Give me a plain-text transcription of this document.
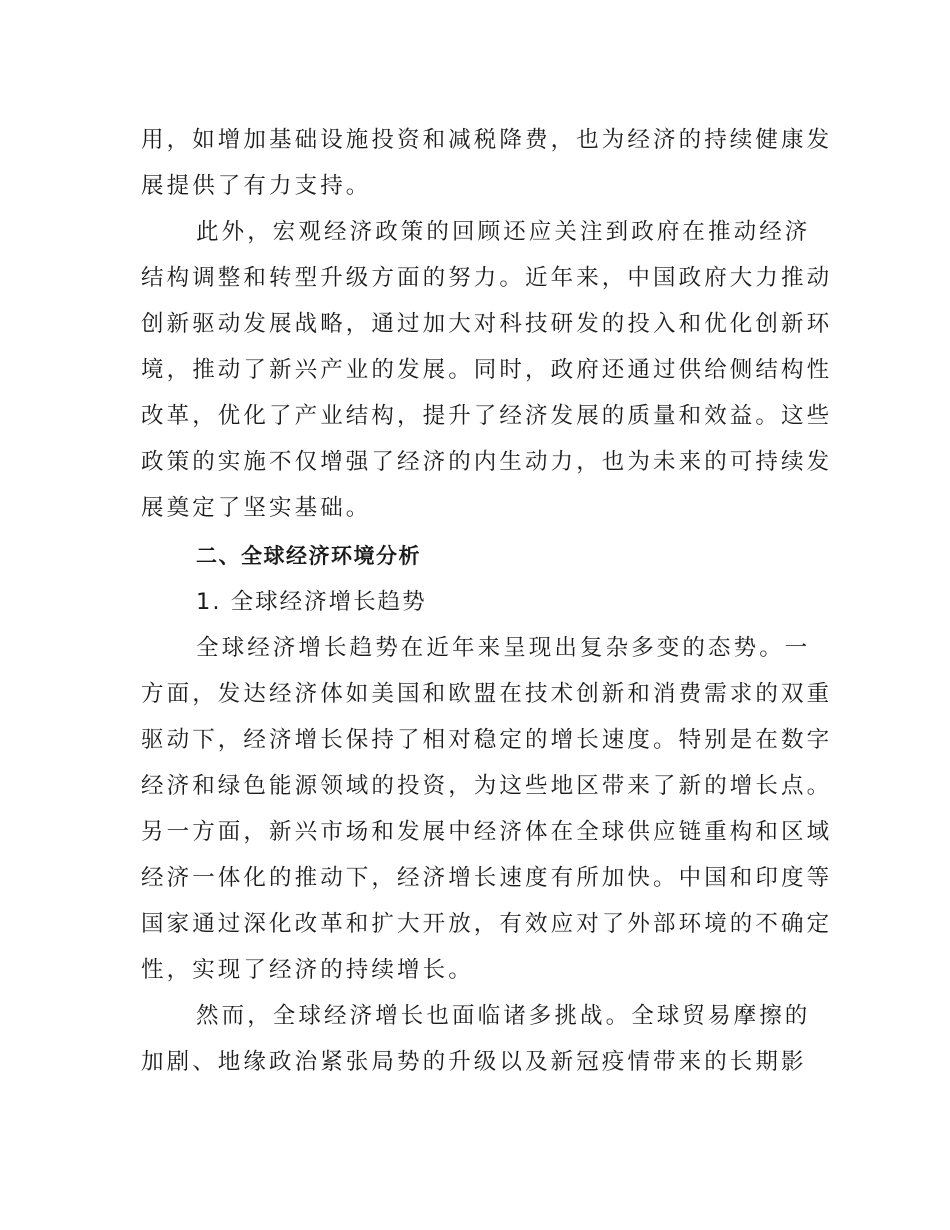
用，如增加基础设施投资和减税降费，也为经济的持续健康发
展提供了有力支持。
此外，宏观经济政策的回顾还应关注到政府在推动经济
结构调整和转型升级方面的努力。近年来，中国政府大力推动
创新驱动发展战略，通过加大对科技研发的投入和优化创新环
境，推动了新兴产业的发展。同时，政府还通过供给侧结构性
改革，优化了产业结构，提升了经济发展的质量和效益。这些
政策的实施不仅增强了经济的内生动力，也为未来的可持续发
展奠定了坚实基础。
二、全球经济环境分析
1. 全球经济增长趋势
全球经济增长趋势在近年来呈现出复杂多变的态势。一
方面，发达经济体如美国和欧盟在技术创新和消费需求的双重
驱动下，经济增长保持了相对稳定的增长速度。特别是在数字
经济和绿色能源领域的投资，为这些地区带来了新的增长点。
另一方面，新兴市场和发展中经济体在全球供应链重构和区域
经济一体化的推动下，经济增长速度有所加快。中国和印度等
国家通过深化改革和扩大开放，有效应对了外部环境的不确定
性，实现了经济的持续增长。
然而，全球经济增长也面临诸多挑战。全球贸易摩擦的
加剧、地缘政治紧张局势的升级以及新冠疫情带来的长期影
